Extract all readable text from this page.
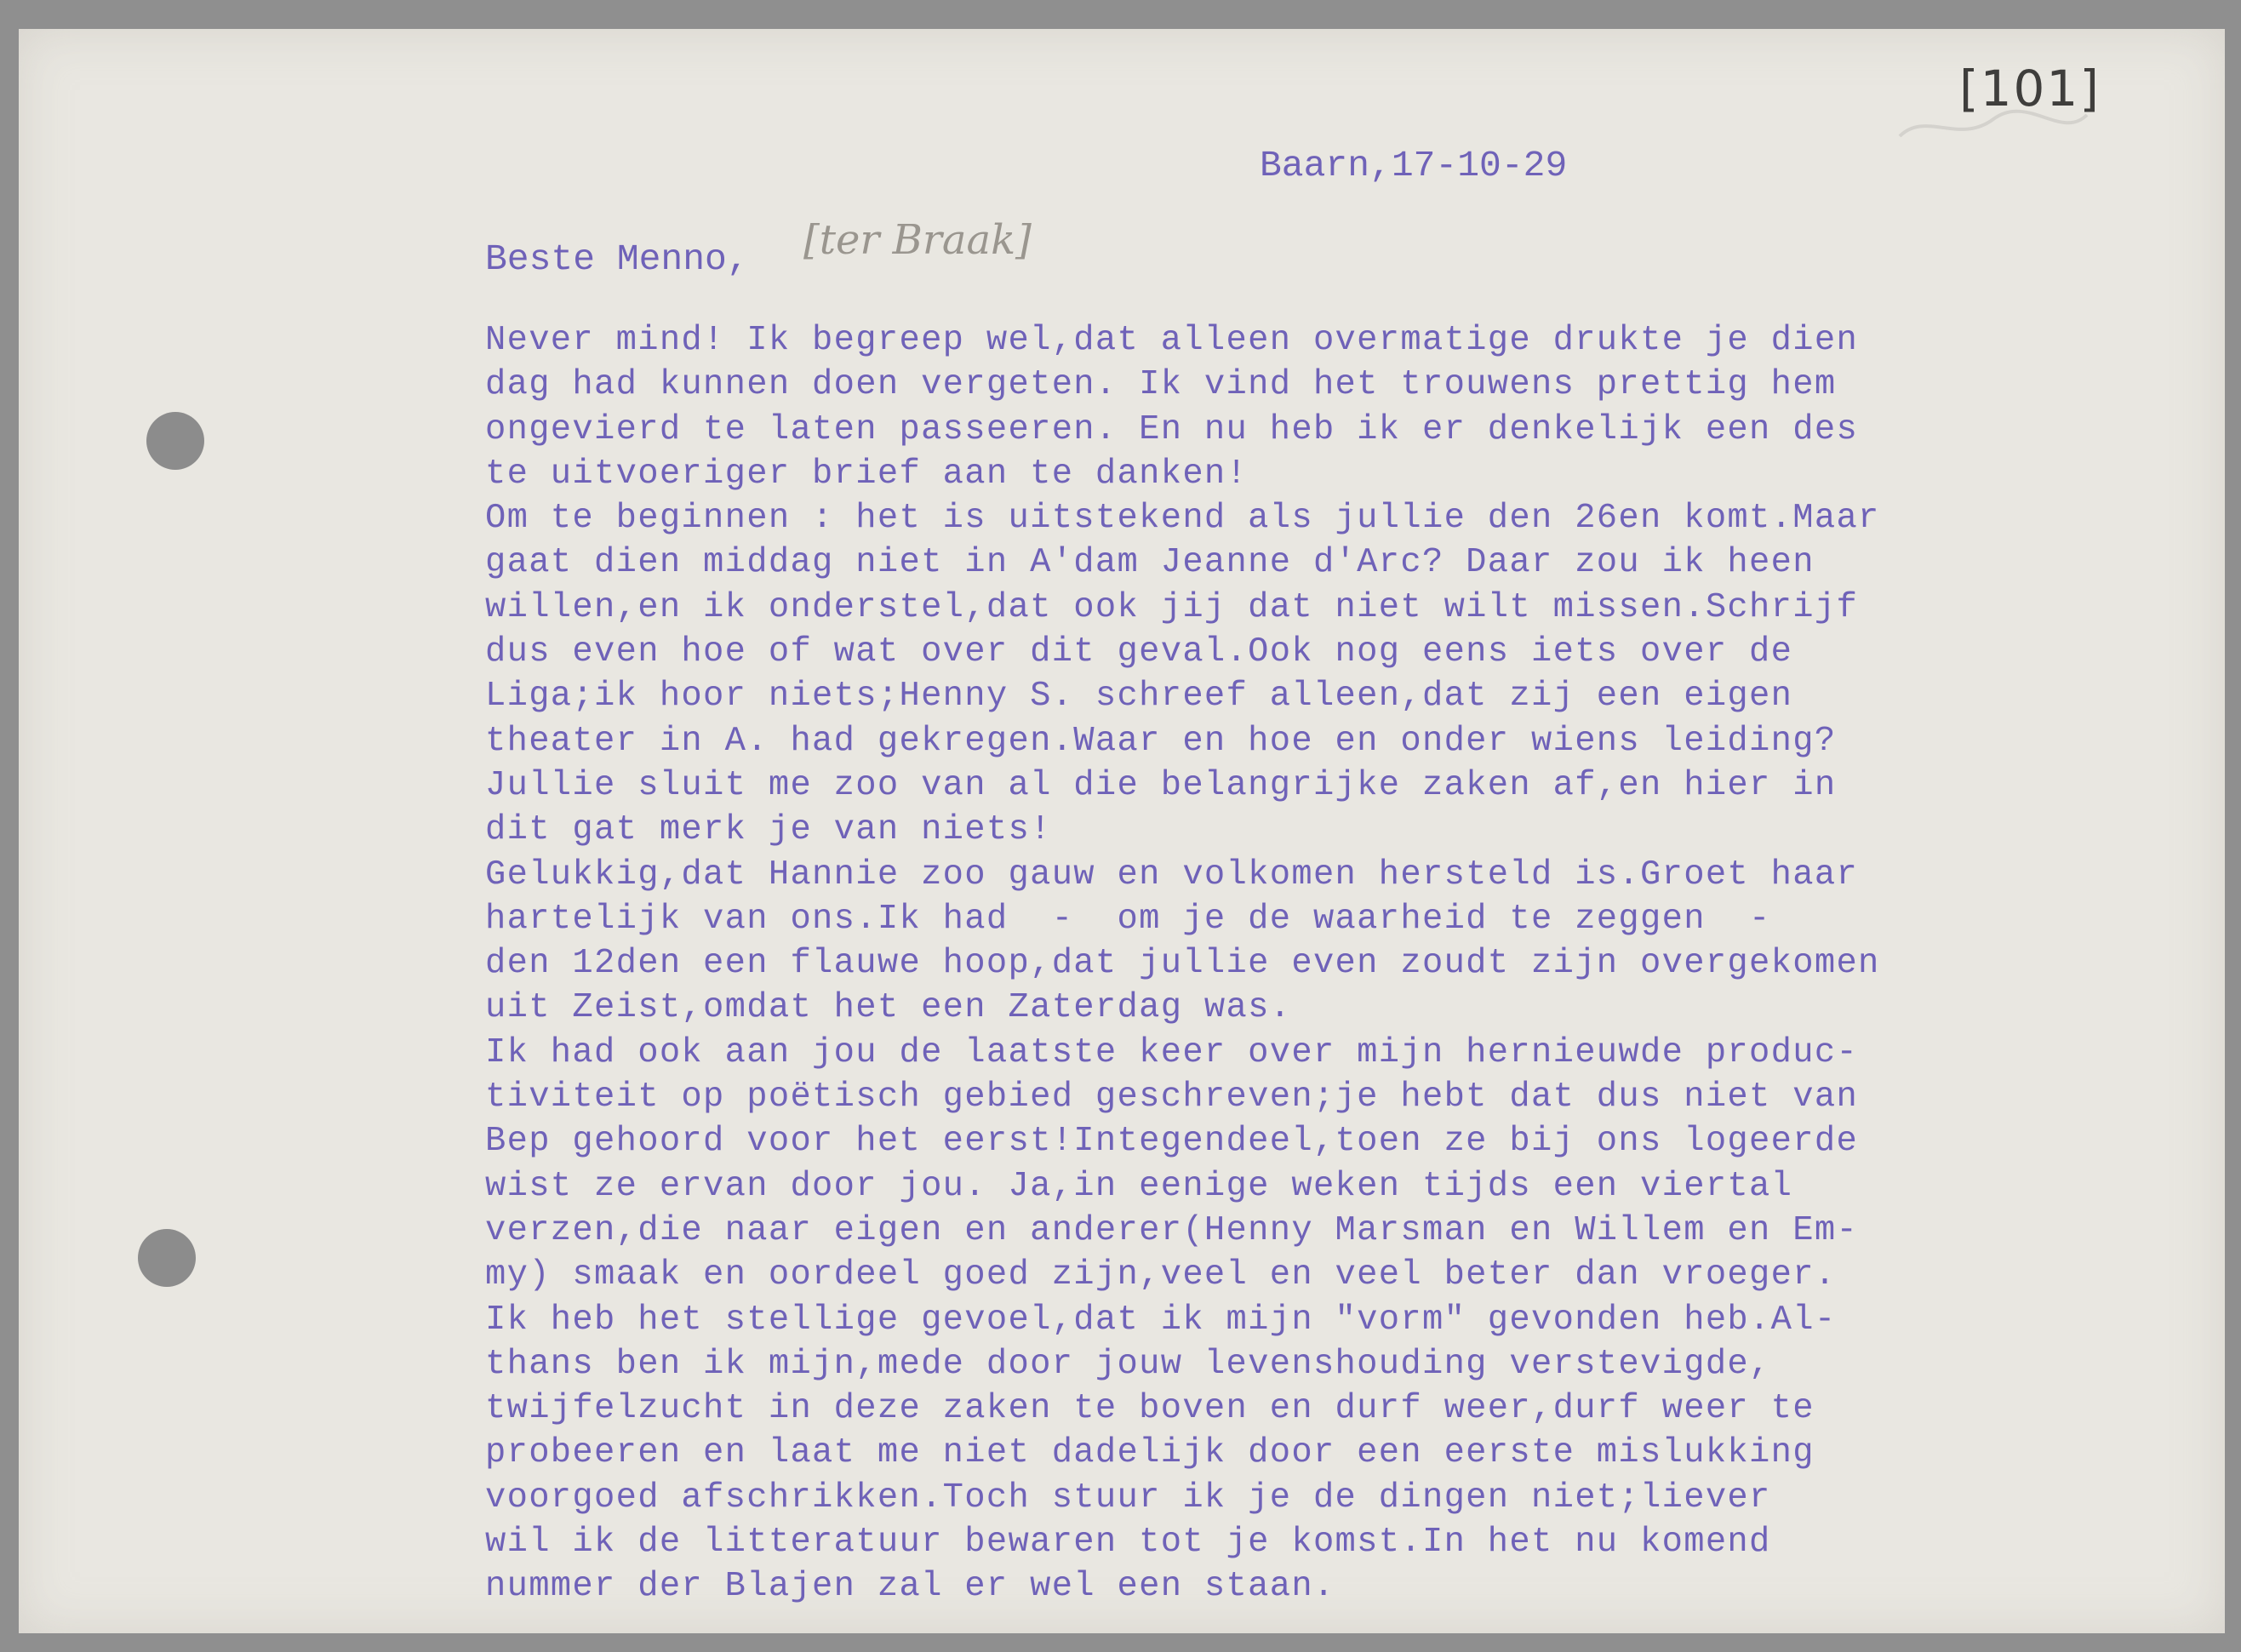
[101]
Baarn,17-10-29
Beste Menno, [ter Braak]
Never mind! Ik begreep wel,dat alleen overmatige drukte je dien
dag had kunnen doen vergeten. Ik vind het trouwens prettig hem
ongevierd te laten passeeren. En nu heb ik er denkelijk een des
te uitvoeriger brief aan te danken!
Om te beginnen : het is uitstekend als jullie den 26en komt.Maar
gaat dien middag niet in A'dam Jeanne d'Arc? Daar zou ik heen
willen,en ik onderstel,dat ook jij dat niet wilt missen.Schrijf
dus even hoe of wat over dit geval.Ook nog eens iets over de
Liga;ik hoor niets;Henny S. schreef alleen,dat zij een eigen
theater in A. had gekregen.Waar en hoe en onder wiens leiding?
Jullie sluit me zoo van al die belangrijke zaken af,en hier in
dit gat merk je van niets!
Gelukkig,dat Hannie zoo gauw en volkomen hersteld is.Groet haar
hartelijk van ons.Ik had  -  om je de waarheid te zeggen  -
den 12den een flauwe hoop,dat jullie even zoudt zijn overgekomen
uit Zeist,omdat het een Zaterdag was.
Ik had ook aan jou de laatste keer over mijn hernieuwde produc-
tiviteit op poëtisch gebied geschreven;je hebt dat dus niet van
Bep gehoord voor het eerst!Integendeel,toen ze bij ons logeerde
wist ze ervan door jou. Ja,in eenige weken tijds een viertal
verzen,die naar eigen en anderer(Henny Marsman en Willem en Em-
my) smaak en oordeel goed zijn,veel en veel beter dan vroeger.
Ik heb het stellige gevoel,dat ik mijn "vorm" gevonden heb.Al-
thans ben ik mijn,mede door jouw levenshouding verstevigde,
twijfelzucht in deze zaken te boven en durf weer,durf weer te
probeeren en laat me niet dadelijk door een eerste mislukking
voorgoed afschrikken.Toch stuur ik je de dingen niet;liever
wil ik de litteratuur bewaren tot je komst.In het nu komend
nummer der Blajen zal er wel een staan.
